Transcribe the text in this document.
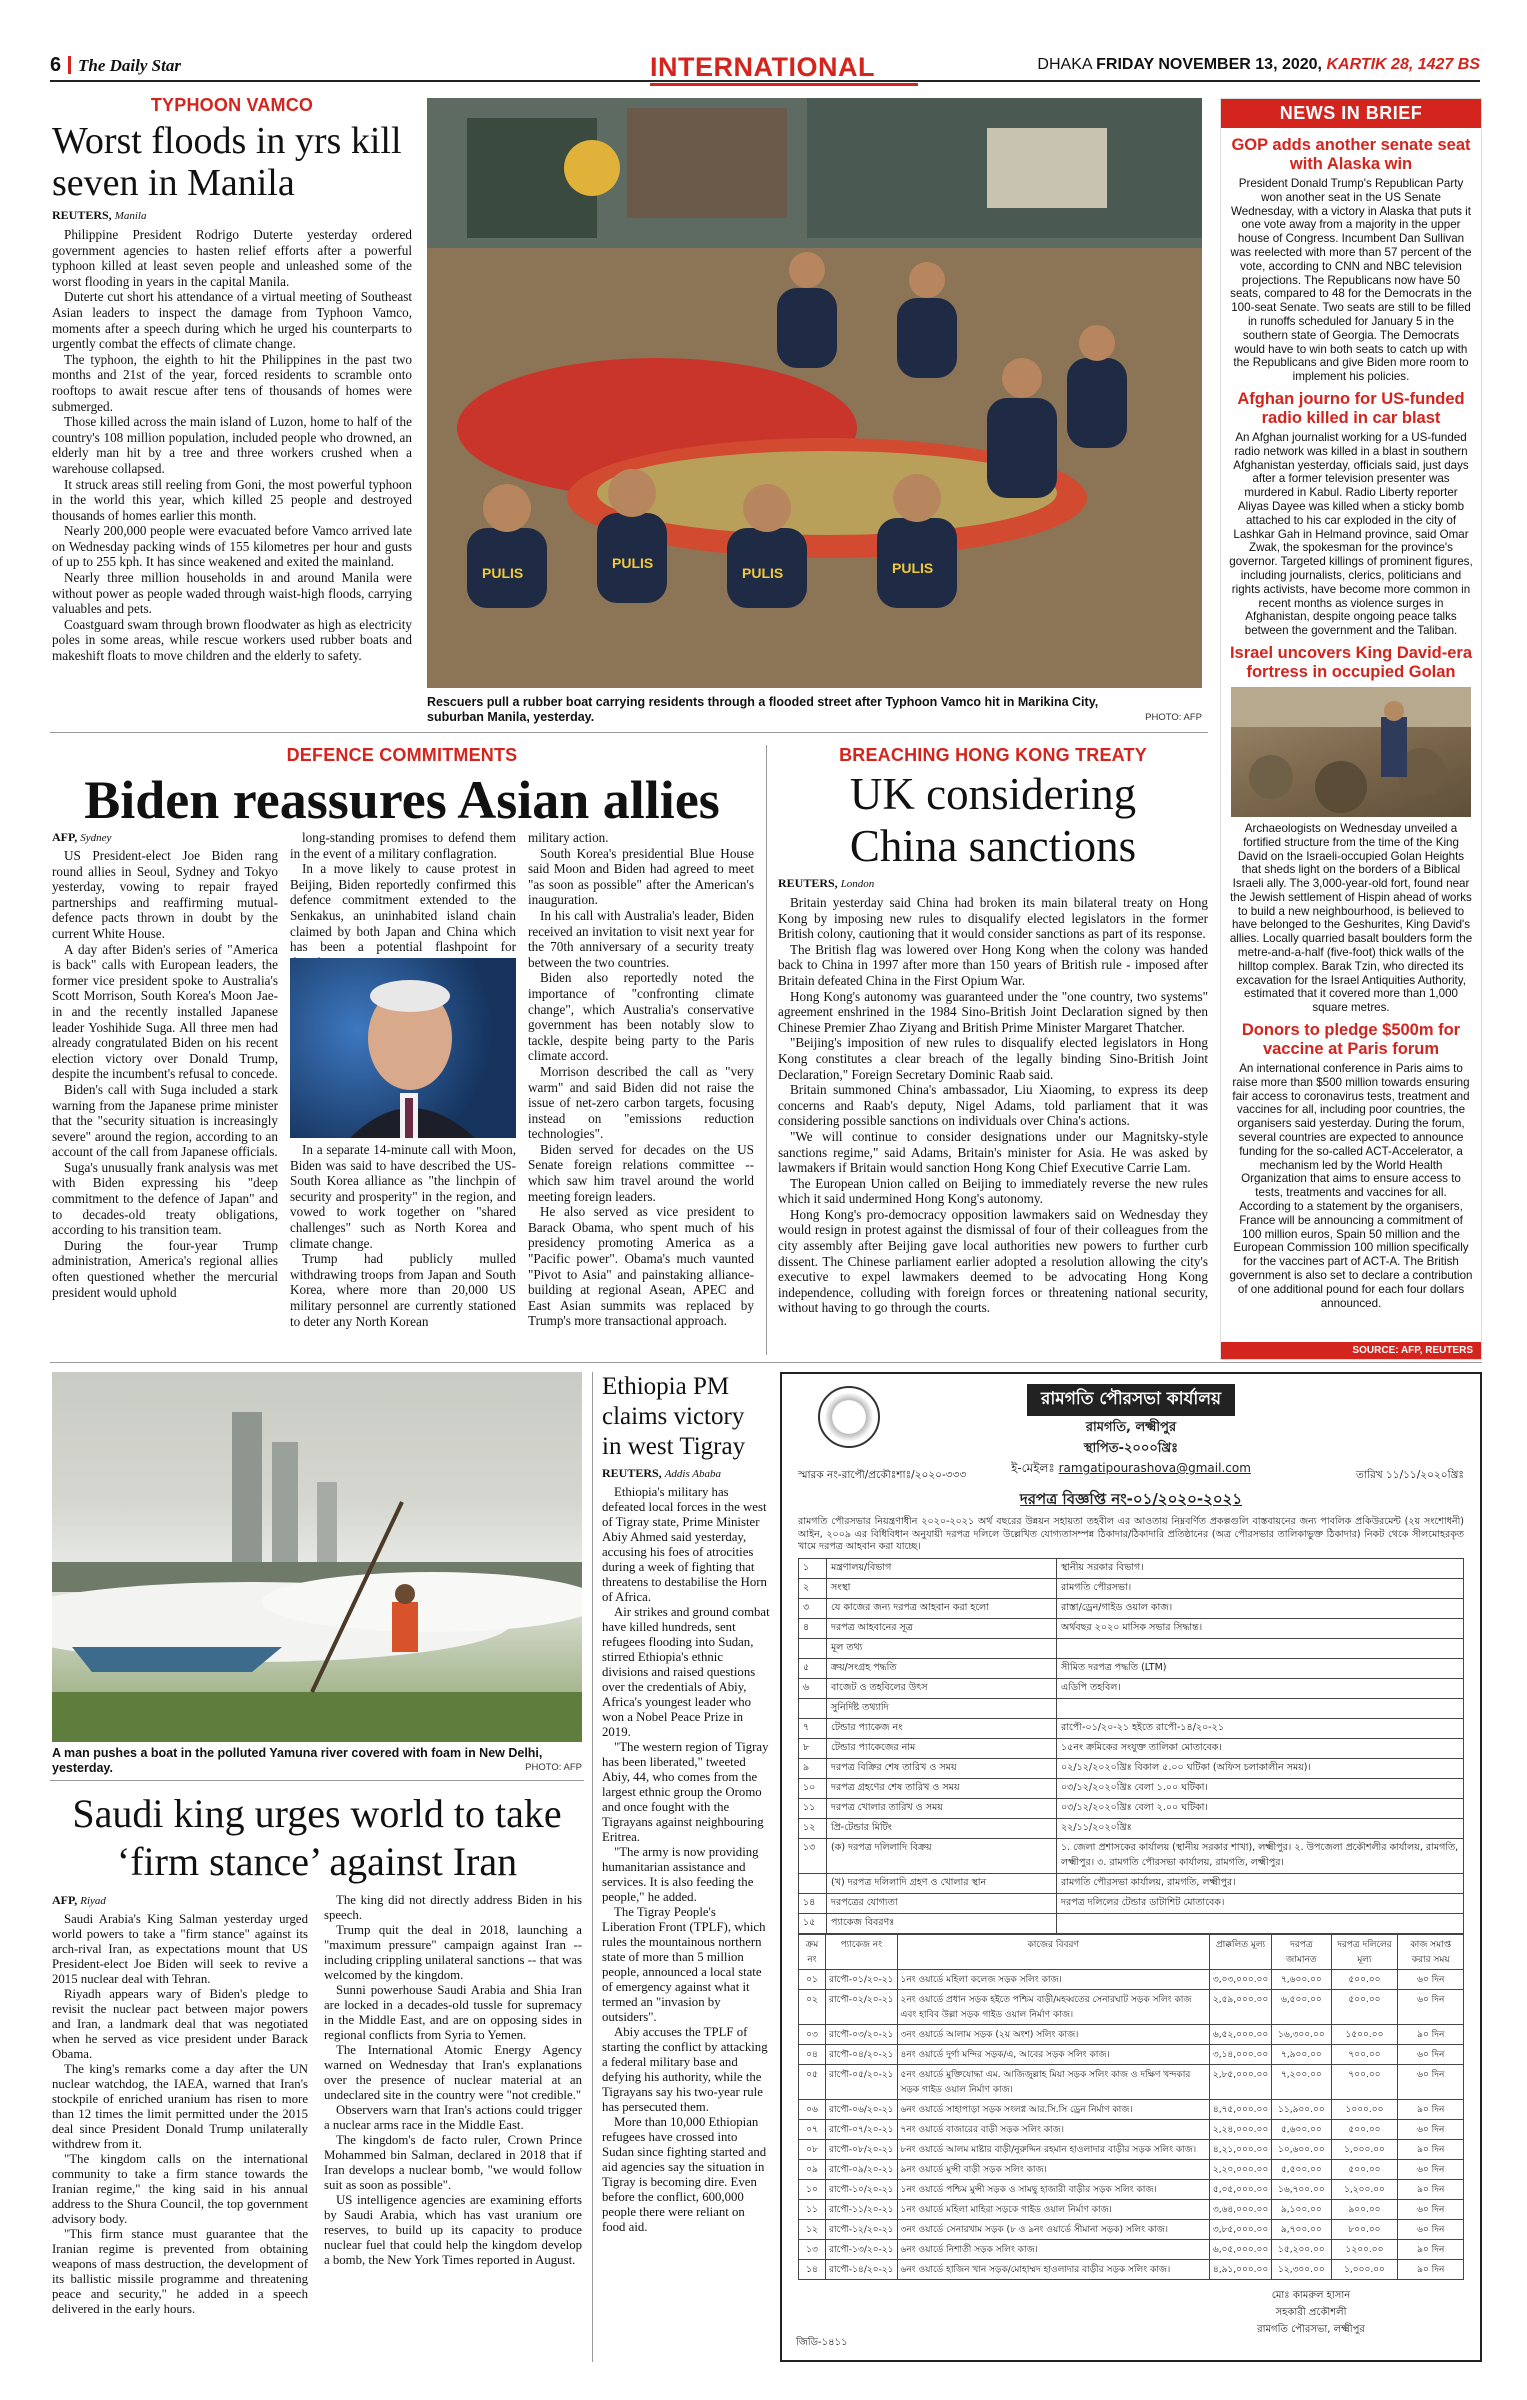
6 The Daily Star	INTERNATIONAL	DHAKA FRIDAY NOVEMBER 13, 2020, KARTIK 28, 1427 BS
TYPHOON VAMCO
Worst floods in yrs kill seven in Manila
REUTERS, Manila

Philippine President Rodrigo Duterte yesterday ordered government agencies to hasten relief efforts after a powerful typhoon killed at least seven people and unleashed some of the worst flooding in years in the capital Manila.

Duterte cut short his attendance of a virtual meeting of Southeast Asian leaders to inspect the damage from Typhoon Vamco, moments after a speech during which he urged his counterparts to urgently combat the effects of climate change.

The typhoon, the eighth to hit the Philippines in the past two months and 21st of the year, forced residents to scramble onto rooftops to await rescue after tens of thousands of homes were submerged.

Those killed across the main island of Luzon, home to half of the country's 108 million population, included people who drowned, an elderly man hit by a tree and three workers crushed when a warehouse collapsed.

It struck areas still reeling from Goni, the most powerful typhoon in the world this year, which killed 25 people and destroyed thousands of homes earlier this month.

Nearly 200,000 people were evacuated before Vamco arrived late on Wednesday packing winds of 155 kilometres per hour and gusts of up to 255 kph. It has since weakened and exited the mainland.

Nearly three million households in and around Manila were without power as people waded through waist-high floods, carrying valuables and pets.

Coastguard swam through brown floodwater as high as electricity poles in some areas, while rescue workers used rubber boats and makeshift floats to move children and the elderly to safety.

PULIS
PULIS
PULIS	PULIS
Rescuers pull a rubber boat carrying residents through a flooded street after Typhoon Vamco hit in Marikina City, suburban Manila, yesterday.	PHOTO: AFP
NEWS IN BRIEF
GOP adds another senate seat with Alaska win

President Donald Trump's Republican Party won another seat in the US Senate Wednesday, with a victory in Alaska that puts it one vote away from a majority in the upper house of Congress. Incumbent Dan Sullivan was reelected with more than 57 percent of the vote, according to CNN and NBC television projections. The Republicans now have 50 seats, compared to 48 for the Democrats in the 100-seat Senate. Two seats are still to be filled in runoffs scheduled for January 5 in the southern state of Georgia. The Democrats would have to win both seats to catch up with the Republicans and give Biden more room to implement his policies.

Afghan journo for US-funded radio killed in car blast

An Afghan journalist working for a US-funded radio network was killed in a blast in southern Afghanistan yesterday, officials said, just days after a former television presenter was murdered in Kabul. Radio Liberty reporter Aliyas Dayee was killed when a sticky bomb attached to his car exploded in the city of Lashkar Gah in Helmand province, said Omar Zwak, the spokesman for the province's governor. Targeted killings of prominent figures, including journalists, clerics, politicians and rights activists, have become more common in recent months as violence surges in Afghanistan, despite ongoing peace talks between the government and the Taliban.

Israel uncovers King David-era fortress in occupied Golan

Archaeologists on Wednesday unveiled a fortified structure from the time of the King David on the Israeli-occupied Golan Heights that sheds light on the borders of a Biblical Israeli ally. The 3,000-year-old fort, found near the Jewish settlement of Hispin ahead of works to build a new neighbourhood, is believed to have belonged to the Geshurites, King David's allies. Locally quarried basalt boulders form the metre-and-a-half (five-foot) thick walls of the hilltop complex. Barak Tzin, who directed its excavation for the Israel Antiquities Authority, estimated that it covered more than 1,000 square metres.

Donors to pledge $500m for vaccine at Paris forum

An international conference in Paris aims to raise more than $500 million towards ensuring fair access to coronavirus tests, treatment and vaccines for all, including poor countries, the organisers said yesterday. During the forum, several countries are expected to announce funding for the so-called ACT-Accelerator, a mechanism led by the World Health Organization that aims to ensure access to tests, treatments and vaccines for all. According to a statement by the organisers, France will be announcing a commitment of 100 million euros, Spain 50 million and the European Commission 100 million specifically for the vaccines part of ACT-A. The British government is also set to declare a contribution of one additional pound for each four dollars announced.

SOURCE: AFP, REUTERS
DEFENCE COMMITMENTS
Biden reassures Asian allies
AFP, Sydney

US President-elect Joe Biden rang round allies in Seoul, Sydney and Tokyo yesterday, vowing to repair frayed partnerships and reaffirming mutual-defence pacts thrown in doubt by the current White House.

A day after Biden's series of "America is back" calls with European leaders, the former vice president spoke to Australia's Scott Morrison, South Korea's Moon Jae-in and the recently installed Japanese leader Yoshihide Suga. All three men had already congratulated Biden on his recent election victory over Donald Trump, despite the incumbent's refusal to concede.

Biden's call with Suga included a stark warning from the Japanese prime minister that the "security situation is increasingly severe" around the region, according to an account of the call from Japanese officials.

Suga's unusually frank analysis was met with Biden expressing his "deep commitment to the defence of Japan" and to decades-old treaty obligations, according to his transition team.

During the four-year Trump administration, America's regional allies often questioned whether the mercurial president would uphold

long-standing promises to defend them in the event of a military conflagration.

In a move likely to cause protest in Beijing, Biden reportedly confirmed this defence commitment extended to the Senkakus, an uninhabited island chain claimed by both Japan and China which has been a potential flashpoint for

In a separate 14-minute call with Moon, Biden was said to have described the US-South Korea alliance as "the linchpin of security and prosperity" in the region, and vowed to work together on "shared challenges" such as North Korea and climate change.

Trump had publicly mulled withdrawing troops from Japan and South Korea, where more than 20,000 US military personnel are currently stationed to deter any North Korean

military action.

South Korea's presidential Blue House said Moon and Biden had agreed to meet "as soon as possible" after the American's inauguration.

In his call with Australia's leader, Biden received an invitation to visit next year for the 70th anniversary of a security treaty between the two countries.

Biden also reportedly noted the importance of "confronting climate change", which Australia's conservative government has been notably slow to tackle, despite being party to the Paris climate accord.

Morrison described the call as "very warm" and said Biden did not raise the issue of net-zero carbon targets, focusing instead on "emissions reduction technologies".

Biden served for decades on the US Senate foreign relations committee -- which saw him travel around the world meeting foreign leaders.

He also served as vice president to Barack Obama, who spent much of his presidency promoting America as a "Pacific power". Obama's much vaunted "Pivot to Asia" and painstaking alliance-building at regional Asean, APEC and East Asian summits was replaced by Trump's more transactional approach.

BREACHING HONG KONG TREATY
UK considering China sanctions
REUTERS, London

Britain yesterday said China had broken its main bilateral treaty on Hong Kong by imposing new rules to disqualify elected legislators in the former British colony, cautioning that it would consider sanctions as part of its response.

The British flag was lowered over Hong Kong when the colony was handed back to China in 1997 after more than 150 years of British rule - imposed after Britain defeated China in the First Opium War.

Hong Kong's autonomy was guaranteed under the "one country, two systems" agreement enshrined in the 1984 Sino-British Joint Declaration signed by then Chinese Premier Zhao Ziyang and British Prime Minister Margaret Thatcher.

"Beijing's imposition of new rules to disqualify elected legislators in Hong Kong constitutes a clear breach of the legally binding Sino-British Joint Declaration," Foreign Secretary Dominic Raab said.

Britain summoned China's ambassador, Liu Xiaoming, to express its deep concerns and Raab's deputy, Nigel Adams, told parliament that it was considering possible sanctions on individuals over China's actions.

"We will continue to consider designations under our Magnitsky-style sanctions regime," said Adams, Britain's minister for Asia. He was asked by lawmakers if Britain would sanction Hong Kong Chief Executive Carrie Lam.

The European Union called on Beijing to immediately reverse the new rules which it said undermined Hong Kong's autonomy.

Hong Kong's pro-democracy opposition lawmakers said on Wednesday they would resign in protest against the dismissal of four of their colleagues from the city assembly after Beijing gave local authorities new powers to further curb dissent. The Chinese parliament earlier adopted a resolution allowing the city's executive to expel lawmakers deemed to be advocating Hong Kong independence, colluding with foreign forces or threatening national security, without having to go through the courts.

A man pushes a boat in the polluted Yamuna river covered with foam in New Delhi, yesterday.	PHOTO: AFP
Saudi king urges world to take ‘firm stance’ against Iran
AFP, Riyad

Saudi Arabia's King Salman yesterday urged world powers to take a "firm stance" against its arch-rival Iran, as expectations mount that US President-elect Joe Biden will seek to revive a 2015 nuclear deal with Tehran.

Riyadh appears wary of Biden's pledge to revisit the nuclear pact between major powers and Iran, a landmark deal that was negotiated when he served as vice president under Barack Obama.

The king's remarks come a day after the UN nuclear watchdog, the IAEA, warned that Iran's stockpile of enriched uranium has risen to more than 12 times the limit permitted under the 2015 deal since President Donald Trump unilaterally withdrew from it.

"The kingdom calls on the international community to take a firm stance towards the Iranian regime," the king said in his annual address to the Shura Council, the top government advisory body.

"This firm stance must guarantee that the Iranian regime is prevented from obtaining weapons of mass destruction, the development of its ballistic missile programme and threatening peace and security," he added in a speech delivered in the early hours.

The king did not directly address Biden in his speech.

Trump quit the deal in 2018, launching a "maximum pressure" campaign against Iran -- including crippling unilateral sanctions -- that was welcomed by the kingdom.

Sunni powerhouse Saudi Arabia and Shia Iran are locked in a decades-old tussle for supremacy in the Middle East, and are on opposing sides in regional conflicts from Syria to Yemen.

The International Atomic Energy Agency warned on Wednesday that Iran's explanations over the presence of nuclear material at an undeclared site in the country were "not credible."

Observers warn that Iran's actions could trigger a nuclear arms race in the Middle East.

The kingdom's de facto ruler, Crown Prince Mohammed bin Salman, declared in 2018 that if Iran develops a nuclear bomb, "we would follow suit as soon as possible".

US intelligence agencies are examining efforts by Saudi Arabia, which has vast uranium ore reserves, to build up its capacity to produce nuclear fuel that could help the kingdom develop a bomb, the New York Times reported in August.

Ethiopia PM claims victory in west Tigray
REUTERS, Addis Ababa

Ethiopia's military has defeated local forces in the west of Tigray state, Prime Minister Abiy Ahmed said yesterday, accusing his foes of atrocities during a week of fighting that threatens to destabilise the Horn of Africa.

Air strikes and ground combat have killed hundreds, sent refugees flooding into Sudan, stirred Ethiopia's ethnic divisions and raised questions over the credentials of Abiy, Africa's youngest leader who won a Nobel Peace Prize in 2019.

"The western region of Tigray has been liberated," tweeted Abiy, 44, who comes from the largest ethnic group the Oromo and once fought with the Tigrayans against neighbouring Eritrea.

"The army is now providing humanitarian assistance and services. It is also feeding the people," he added.

The Tigray People's Liberation Front (TPLF), which rules the mountainous northern state of more than 5 million people, announced a local state of emergency against what it termed an "invasion by outsiders".

Abiy accuses the TPLF of starting the conflict by attacking a federal military base and defying his authority, while the Tigrayans say his two-year rule has persecuted them.

More than 10,000 Ethiopian refugees have crossed into Sudan since fighting started and aid agencies say the situation in Tigray is becoming dire. Even before the conflict, 600,000 people there were reliant on food aid.

রামগতি পৌরসভা কার্যালয়
রামগতি, লক্ষ্মীপুর
স্থাপিত-২০০০খ্রিঃ
ই-মেইলঃ ramgatipourashova@gmail.com
স্মারক নং-রাপৌ/প্রকৌঃশাঃ/২০২০-৩৩৩	তারিখ ১১/১১/২০২০খ্রিঃ
দরপত্র বিজ্ঞপ্তি নং-০১/২০২০-২০২১
রামগতি পৌরসভার নিয়ন্ত্রণাধীন ২০২০-২০২১ অর্থ বছরের উন্নয়ন সহায়তা তহবীল এর আওতায় নিম্নবর্ণিত প্রকল্পগুলি বাস্তবায়নের জন্য পাবলিক প্রকিউরমেন্ট (২য় সংশোধনী) আইন, ২০০৯ এর বিধিবিধান অনুযায়ী দরপত্র দলিলে উল্লেখিত যোগ্যতাসম্পন্ন ঠিকাদার/ঠিকাদারি প্রতিষ্ঠানের (অত্র পৌরসভার তালিকাভুক্ত ঠিকাদার) নিকট থেকে সীলমোহরকৃত খামে দরপত্র আহবান করা যাচ্ছে।
১	মন্ত্রণালয়/বিভাগ	স্থানীয় সরকার বিভাগ।
২	সংস্থা	রামগতি পৌরসভা।
৩	যে কাজের জন্য দরপত্র আহবান করা হলো	রাস্তা/ড্রেন/গাইড ওয়াল কাজ।
৪	দরপত্র আহবানের সূত্র	অর্থবছর ২০২০ মাসিক সভার সিদ্ধান্ত।
	মূল তথ্য	
৫	ক্রয়/সংগ্রহ পদ্ধতি	সীমিত দরপত্র পদ্ধতি (LTM)
৬	বাজেট ও তহবিলের উৎস	এডিপি তহবিল।
	সুনির্দিষ্ট তথ্যাদি	
৭	টেন্ডার প্যাকেজ নং	রাপৌ-০১/২০-২১ হইতে রাপৌ-১৪/২০-২১
৮	টেন্ডার প্যাকেজের নাম	১৫নং ক্রমিকের সংযুক্ত তালিকা মোতাবেক।
৯	দরপত্র বিক্রির শেষ তারিখ ও সময়	০২/১২/২০২০খ্রিঃ বিকাল ৫.০০ ঘটিকা (অফিস চলাকালীন সময়)।
১০	দরপত্র গ্রহণের শেষ তারিখ ও সময়	০৩/১২/২০২০খ্রিঃ বেলা ১.০০ ঘটিকা।
১১	দরপত্র খোলার তারিখ ও সময়	০৩/১২/২০২০খ্রিঃ বেলা ২.০০ ঘটিকা।
১২	প্রি-টেন্ডার মিটিং	২২/১১/২০২০খ্রিঃ
১৩	(ক) দরপত্র দলিলাদি বিক্রয়	১. জেলা প্রশাসকের কার্যালয় (স্থানীয় সরকার শাখা), লক্ষ্মীপুর। ২. উপজেলা প্রকৌশলীর কার্যালয়, রামগতি, লক্ষ্মীপুর। ৩. রামগতি পৌরসভা কার্যালয়, রামগতি, লক্ষ্মীপুর।
	(খ) দরপত্র দলিলাদি গ্রহণ ও খোলার স্থান	রামগতি পৌরসভা কার্যালয়, রামগতি, লক্ষ্মীপুর।
১৪	দরপত্রের যোগ্যতা	দরপত্র দলিলের টেন্ডার ডাটাশিট মোতাবেক।
১৫	প্যাকেজ বিবরণঃ	
ক্রম নং	প্যাকেজ নং	কাজের বিবরণ	প্রাক্কলিত মূল্য	দরপত্র জামানত	দরপত্র দলিলের মূল্য	কাজ সমাপ্ত করার সময়
০১	রাপৌ-০১/২০-২১	১নং ওয়ার্ডে মহিলা কলেজ সড়ক সলিং কাজ।	৩,০৩,০০০.০০	৭,৬০০.০০	৫০০.০০	৬০ দিন
০২	রাপৌ-০২/২০-২১	২নং ওয়ার্ডে প্রধান সড়ক হইতে পশ্চিম বাড়ী/মহব্বতের সেনারঘাট সড়ক সলিং কাজ এবং হাবিব উল্লা সড়ক গাইড ওয়াল নির্মাণ কাজ।	২,৫৯,০০০.০০	৬,৫০০.০০	৫০০.০০	৬০ দিন
০৩	রাপৌ-০৩/২০-২১	৩নং ওয়ার্ডে আলাম সড়ক (২য় অংশ) সলিং কাজ।	৬,৫২,০০০.০০	১৬,৩০০.০০	১৫০০.০০	৯০ দিন
০৪	রাপৌ-০৪/২০-২১	৪নং ওয়ার্ডে দুর্গা মন্দির সড়ক/এ, আবের সড়ক সলিং কাজ।	৩,১৪,০০০.০০	৭,৯০০.০০	৭০০.০০	৬০ দিন
০৫	রাপৌ-০৫/২০-২১	৫নং ওয়ার্ডে মুক্তিযোদ্ধা এম. আজিজুল্লাহ মিয়া সড়ক সলিং কাজ ও দক্ষিণ খন্দকার সড়ক গাইড ওয়াল নির্মাণ কাজ।	২,৮৫,০০০.০০	৭,২০০.০০	৭০০.০০	৬০ দিন
০৬	রাপৌ-০৬/২০-২১	৬নং ওয়ার্ডে সাহাপাড়া সড়ক সংলগ্ন আর.সি.সি ড্রেন নির্মাণ কাজ।	৪,৭৫,০০০.০০	১১,৯০০.০০	১০০০.০০	৯০ দিন
০৭	রাপৌ-০৭/২০-২১	৭নং ওয়ার্ডে বাজারের বাড়ী সড়ক সলিং কাজ।	২,২৪,০০০.০০	৫,৬০০.০০	৫০০.০০	৬০ দিন
০৮	রাপৌ-০৮/২০-২১	৮নং ওয়ার্ডে আলম মাষ্টার বাড়ী/নুরুদ্দিন রহমান হাওলাদার বাড়ীর সড়ক সলিং কাজ।	৪,২১,০০০.০০	১০,৬০০.০০	১,০০০.০০	৯০ দিন
০৯	রাপৌ-০৯/২০-২১	৯নং ওয়ার্ডে মুন্সী বাড়ী সড়ক সলিং কাজ।	২,২০,০০০.০০	৫,৫০০.০০	৫০০.০০	৬০ দিন
১০	রাপৌ-১০/২০-২১	১নং ওয়ার্ডে পশ্চিম মুন্সী সড়ক ও সামছু হাজারী বাড়ীর সড়ক সলিং কাজ।	৫,০৫,০০০.০০	১৬,৭০০.০০	১,২০০.০০	৯০ দিন
১১	রাপৌ-১১/২০-২১	১নং ওয়ার্ডে মহিলা মাহিরা সড়কে গাইড ওয়াল নির্মাণ কাজ।	৩,৬৪,০০০.০০	৯,১০০.০০	৯০০.০০	৬০ দিন
১২	রাপৌ-১২/২০-২১	৩নং ওয়ার্ডে সেনারখাম সড়ক (৮ ও ৯নং ওয়ার্ডে সীমানা সড়ক) সলিং কাজ।	৩,৮৫,০০০.০০	৯,৭০০.০০	৮০০.০০	৬০ দিন
১৩	রাপৌ-১৩/২০-২১	৬নং ওয়ার্ডে নিশাতী সড়ক সলিং কাজ।	৬,০৫,০০০.০০	১৫,২০০.০০	১২০০.০০	৯০ দিন
১৪	রাপৌ-১৪/২০-২১	৬নং ওয়ার্ডে হাজিন খান সড়ক/মোহাম্মদ হাওলাদার বাড়ীর সড়ক সলিং কাজ।	৪,৯১,০০০.০০	১২,৩০০.০০	১,০০০.০০	৯০ দিন
মোঃ কামরুল হাসান
সহকারী প্রকৌশলী
রামগতি পৌরসভা, লক্ষ্মীপুর
জিডি-১৪১১
